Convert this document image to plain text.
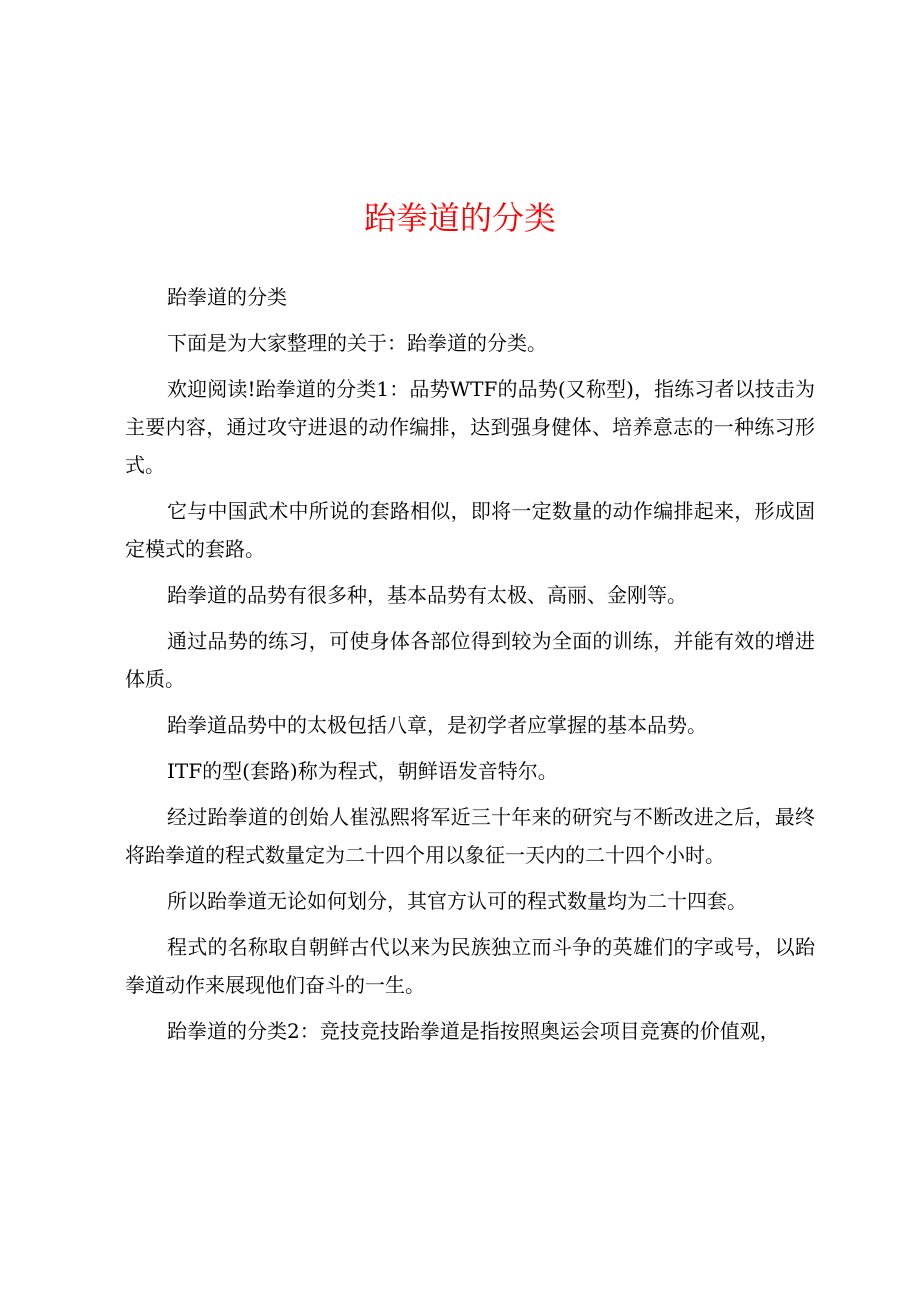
跆拳道的分类

跆拳道的分类

下面是为大家整理的关于：跆拳道的分类。

欢迎阅读!跆拳道的分类1：品势WTF的品势(又称型)，指练习者以技击为主要内容，通过攻守进退的动作编排，达到强身健体、培养意志的一种练习形式。

它与中国武术中所说的套路相似，即将一定数量的动作编排起来，形成固定模式的套路。

跆拳道的品势有很多种，基本品势有太极、高丽、金刚等。

通过品势的练习，可使身体各部位得到较为全面的训练，并能有效的增进体质。

跆拳道品势中的太极包括八章，是初学者应掌握的基本品势。

ITF的型(套路)称为程式，朝鲜语发音特尔。

经过跆拳道的创始人崔泓熙将军近三十年来的研究与不断改进之后，最终将跆拳道的程式数量定为二十四个用以象征一天内的二十四个小时。

所以跆拳道无论如何划分，其官方认可的程式数量均为二十四套。

程式的名称取自朝鲜古代以来为民族独立而斗争的英雄们的字或号，以跆拳道动作来展现他们奋斗的一生。

跆拳道的分类2：竞技竞技跆拳道是指按照奥运会项目竞赛的价值观，
